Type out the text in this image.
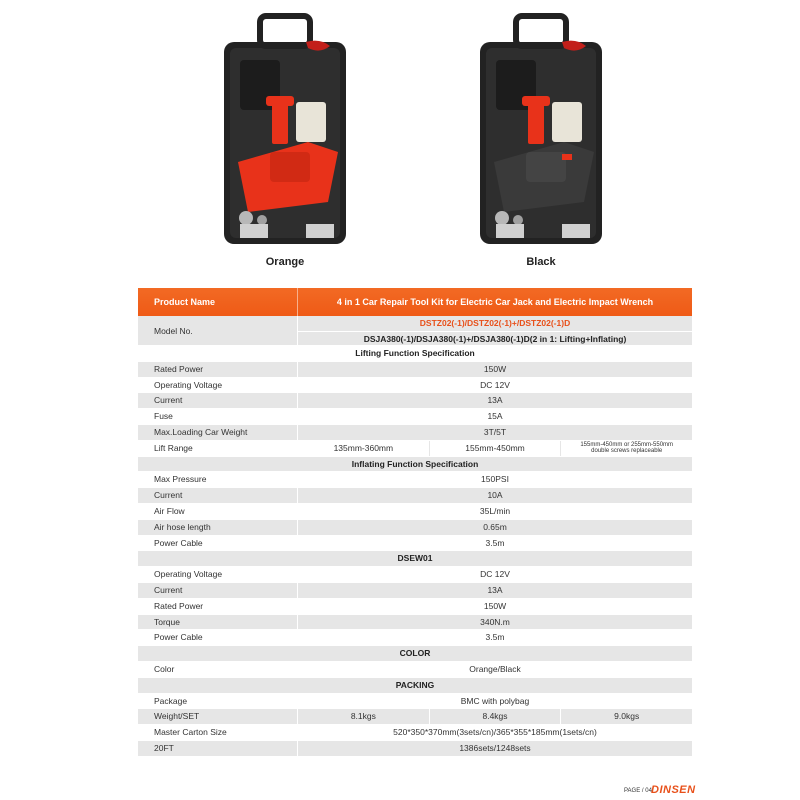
Orange	Black
Product Name	4 in 1 Car Repair Tool Kit for Electric Car Jack and Electric Impact Wrench
Model No.
DSTZ02(-1)/DSTZ02(-1)+/DSTZ02(-1)D
DSJA380(-1)/DSJA380(-1)+/DSJA380(-1)D(2 in 1: Lifting+Inflating)
Lifting Function Specification
Rated Power	150W
Operating Voltage	DC 12V
Current	13A
Fuse	15A
Max.Loading Car Weight	3T/5T
Lift Range	135mm-360mm	155mm-450mm	155mm-450mm or 255mm-550mm
double screws replaceable
Inflating Function Specification
Max Pressure	150PSI
Current	10A
Air Flow	35L/min
Air hose length	0.65m
Power Cable	3.5m
DSEW01
Operating Voltage	DC 12V
Current	13A
Rated Power	150W
Torque	340N.m
Power Cable	3.5m
COLOR
Color	Orange/Black
PACKING
Package	BMC with polybag
Weight/SET	8.1kgs	8.4kgs	9.0kgs
Master Carton Size	520*350*370mm(3sets/cn)/365*355*185mm(1sets/cn)
20FT	1386sets/1248sets
PAGE / 04 DINSEN
